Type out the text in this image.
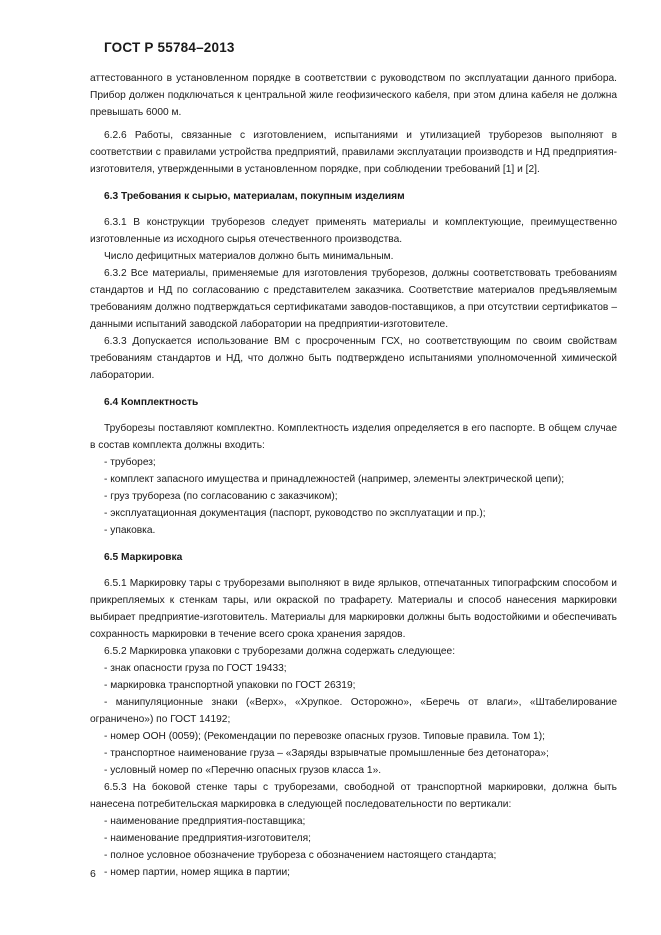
ГОСТ Р 55784–2013

аттестованного в установленном порядке в соответствии с руководством по эксплуатации данного прибора. Прибор должен подключаться к центральной жиле геофизического кабеля, при этом длина кабеля не должна превышать 6000 м.

6.2.6 Работы, связанные с изготовлением, испытаниями и утилизацией труборезов выполняют в соответствии с правилами устройства предприятий, правилами эксплуатации производств и НД предприятия-изготовителя, утвержденными в установленном порядке, при соблюдении требований [1] и [2].

6.3 Требования к сырью, материалам, покупным изделиям

6.3.1 В конструкции труборезов следует применять материалы и комплектующие, преимущественно изготовленные из исходного сырья отечественного производства.

Число дефицитных материалов должно быть минимальным.

6.3.2 Все материалы, применяемые для изготовления труборезов, должны соответствовать требованиям стандартов и НД по согласованию с представителем заказчика. Соответствие материалов предъявляемым требованиям должно подтверждаться сертификатами заводов-поставщиков, а при отсутствии сертификатов – данными испытаний заводской лаборатории на предприятии-изготовителе.

6.3.3 Допускается использование ВМ с просроченным ГСХ, но соответствующим по своим свойствам требованиям стандартов и НД, что должно быть подтверждено испытаниями уполномоченной химической лаборатории.

6.4 Комплектность

Труборезы поставляют комплектно. Комплектность изделия определяется в его паспорте. В общем случае в состав комплекта должны входить:

- труборез;

- комплект запасного имущества и принадлежностей (например, элементы электрической цепи);

- груз трубореза (по согласованию с заказчиком);

- эксплуатационная документация (паспорт, руководство по эксплуатации и пр.);

- упаковка.

6.5 Маркировка

6.5.1 Маркировку тары с труборезами выполняют в виде ярлыков, отпечатанных типографским способом и прикрепляемых к стенкам тары, или окраской по трафарету. Материалы и способ нанесения маркировки выбирает предприятие-изготовитель. Материалы для маркировки должны быть водостойкими и обеспечивать сохранность маркировки в течение всего срока хранения зарядов.

6.5.2 Маркировка упаковки с труборезами должна содержать следующее:

- знак опасности груза по ГОСТ 19433;

- маркировка транспортной упаковки по ГОСТ 26319;

- манипуляционные знаки («Верх», «Хрупкое. Осторожно», «Беречь от влаги», «Штабелирование ограничено») по ГОСТ 14192;

- номер ООН (0059); (Рекомендации по перевозке опасных грузов. Типовые правила. Том 1);

- транспортное наименование груза – «Заряды взрывчатые промышленные без детонатора»;

- условный номер по «Перечню опасных грузов класса 1».

6.5.3 На боковой стенке тары с труборезами, свободной от транспортной маркировки, должна быть нанесена потребительская маркировка в следующей последовательности по вертикали:

- наименование предприятия-поставщика;

- наименование предприятия-изготовителя;

- полное условное обозначение трубореза с обозначением настоящего стандарта;

- номер партии, номер ящика в партии;

6
